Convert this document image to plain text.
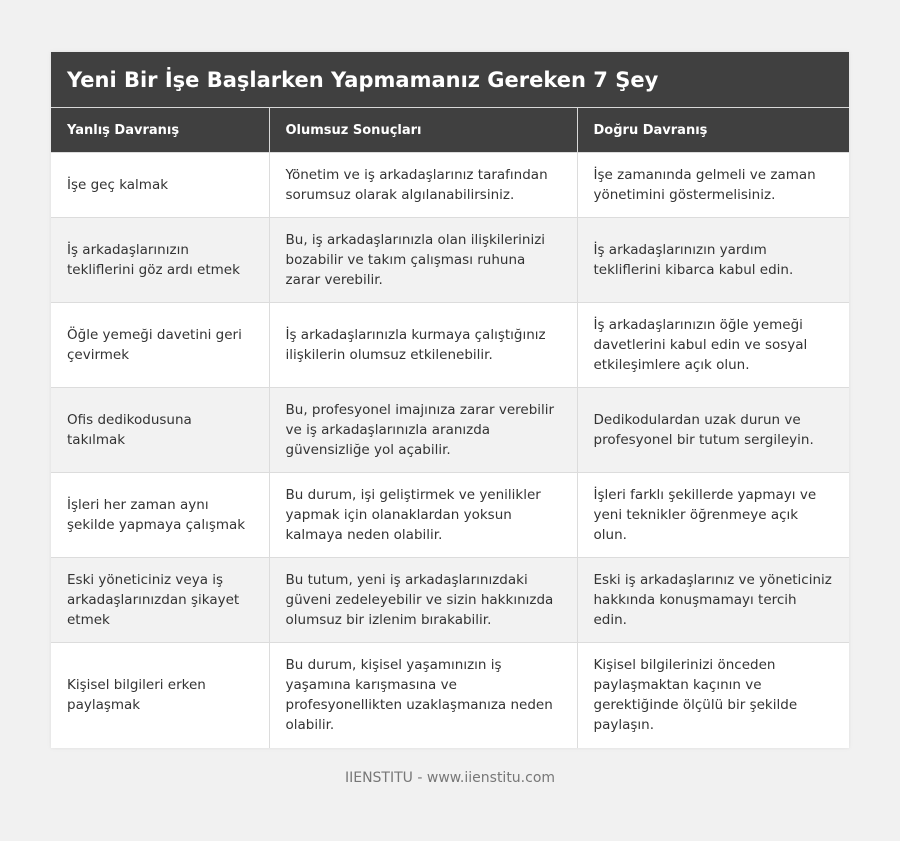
Yeni Bir İşe Başlarken Yapmamanız Gereken 7 Şey
Yanlış Davranış	Olumsuz Sonuçları	Doğru Davranış
İşe geç kalmak	Yönetim ve iş arkadaşlarınız tarafından sorumsuz olarak algılanabilirsiniz.	İşe zamanında gelmeli ve zaman yönetimini göstermelisiniz.
İş arkadaşlarınızın tekliflerini göz ardı etmek	Bu, iş arkadaşlarınızla olan ilişkilerinizi bozabilir ve takım çalışması ruhuna zarar verebilir.	İş arkadaşlarınızın yardım tekliflerini kibarca kabul edin.
Öğle yemeği davetini geri çevirmek	İş arkadaşlarınızla kurmaya çalıştığınız ilişkilerin olumsuz etkilenebilir.	İş arkadaşlarınızın öğle yemeği davetlerini kabul edin ve sosyal etkileşimlere açık olun.
Ofis dedikodusuna takılmak	Bu, profesyonel imajınıza zarar verebilir ve iş arkadaşlarınızla aranızda güvensizliğe yol açabilir.	Dedikodulardan uzak durun ve profesyonel bir tutum sergileyin.
İşleri her zaman aynı şekilde yapmaya çalışmak	Bu durum, işi geliştirmek ve yenilikler yapmak için olanaklardan yoksun kalmaya neden olabilir.	İşleri farklı şekillerde yapmayı ve yeni teknikler öğrenmeye açık olun.
Eski yöneticiniz veya iş arkadaşlarınızdan şikayet etmek	Bu tutum, yeni iş arkadaşlarınızdaki güveni zedeleyebilir ve sizin hakkınızda olumsuz bir izlenim bırakabilir.	Eski iş arkadaşlarınız ve yöneticiniz hakkında konuşmamayı tercih edin.
Kişisel bilgileri erken paylaşmak	Bu durum, kişisel yaşamınızın iş yaşamına karışmasına ve profesyonellikten uzaklaşmanıza neden olabilir.	Kişisel bilgilerinizi önceden paylaşmaktan kaçının ve gerektiğinde ölçülü bir şekilde paylaşın.
IIENSTITU - www.iienstitu.com
